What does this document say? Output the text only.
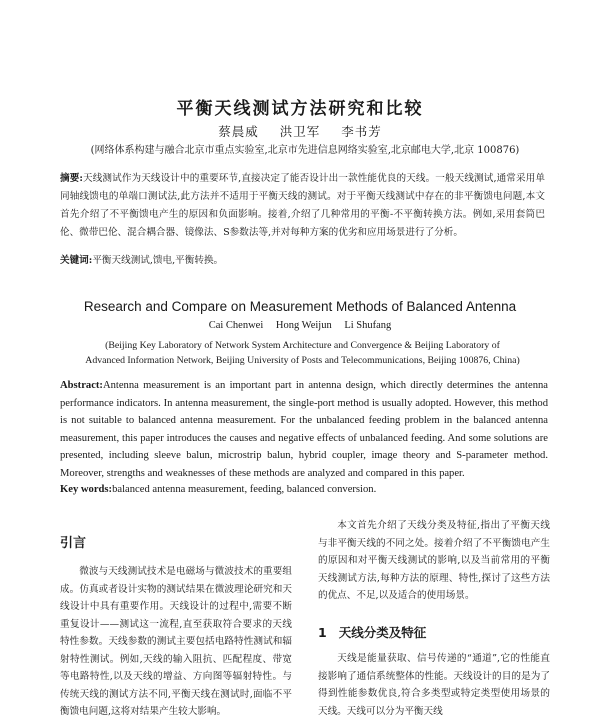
平衡天线测试方法研究和比较
蔡晨威 洪卫军 李书芳
(网络体系构建与融合北京市重点实验室,北京市先进信息网络实验室,北京邮电大学,北京 100876)
摘要:天线测试作为天线设计中的重要环节,直接决定了能否设计出一款性能优良的天线。一般天线测试,通常采用单同轴线馈电的单端口测试法,此方法并不适用于平衡天线的测试。对于平衡天线测试中存在的非平衡馈电问题,本文首先介绍了不平衡馈电产生的原因和负面影响。接着,介绍了几种常用的平衡-不平衡转换方法。例如,采用套筒巴伦、微带巴伦、混合耦合器、镜像法、S参数法等,并对每种方案的优劣和应用场景进行了分析。
关键词:平衡天线测试,馈电,平衡转换。
Research and Compare on Measurement Methods of Balanced Antenna
Cai Chenwei Hong Weijun Li Shufang
(Beijing Key Laboratory of Network System Architecture and Convergence & Beijing Laboratory of
Advanced Information Network, Beijing University of Posts and Telecommunications, Beijing 100876, China)
Abstract:Antenna measurement is an important part in antenna design, which directly determines the antenna performance indicators. In antenna measurement, the single-port method is usually adopted. However, this method is not suitable to balanced antenna measurement. For the unbalanced feeding problem in the balanced antenna measurement, this paper introduces the causes and negative effects of unbalanced feeding. And some solutions are presented, including sleeve balun, microstrip balun, hybrid coupler, image theory and S-parameter method. Moreover, strengths and weaknesses of these methods are analyzed and compared in this paper.
Key words:balanced antenna measurement, feeding, balanced conversion.
引言
微波与天线测试技术是电磁场与微波技术的重要组成。仿真或者设计实物的测试结果在微波理论研究和天线设计中具有重要作用。天线设计的过程中,需要不断重复设计——测试这一流程,直至获取符合要求的天线特性参数。天线参数的测试主要包括电路特性测试和辐射特性测试。例如,天线的输入阻抗、匹配程度、带宽等电路特性,以及天线的增益、方向图等辐射特性。与传统天线的测试方法不同,平衡天线在测试时,面临不平衡馈电问题,这将对结果产生较大影响。
本文首先介绍了天线分类及特征,指出了平衡天线与非平衡天线的不同之处。接着介绍了不平衡馈电产生的原因和对平衡天线测试的影响,以及当前常用的平衡天线测试方法,每种方法的原理、特性,探讨了这些方法的优点、不足,以及适合的使用场景。
1 天线分类及特征
天线是能量获取、信号传递的“通道”,它的性能直接影响了通信系统整体的性能。天线设计的目的是为了得到性能参数优良,符合多类型或特定类型使用场景的天线。天线可以分为平衡天线
